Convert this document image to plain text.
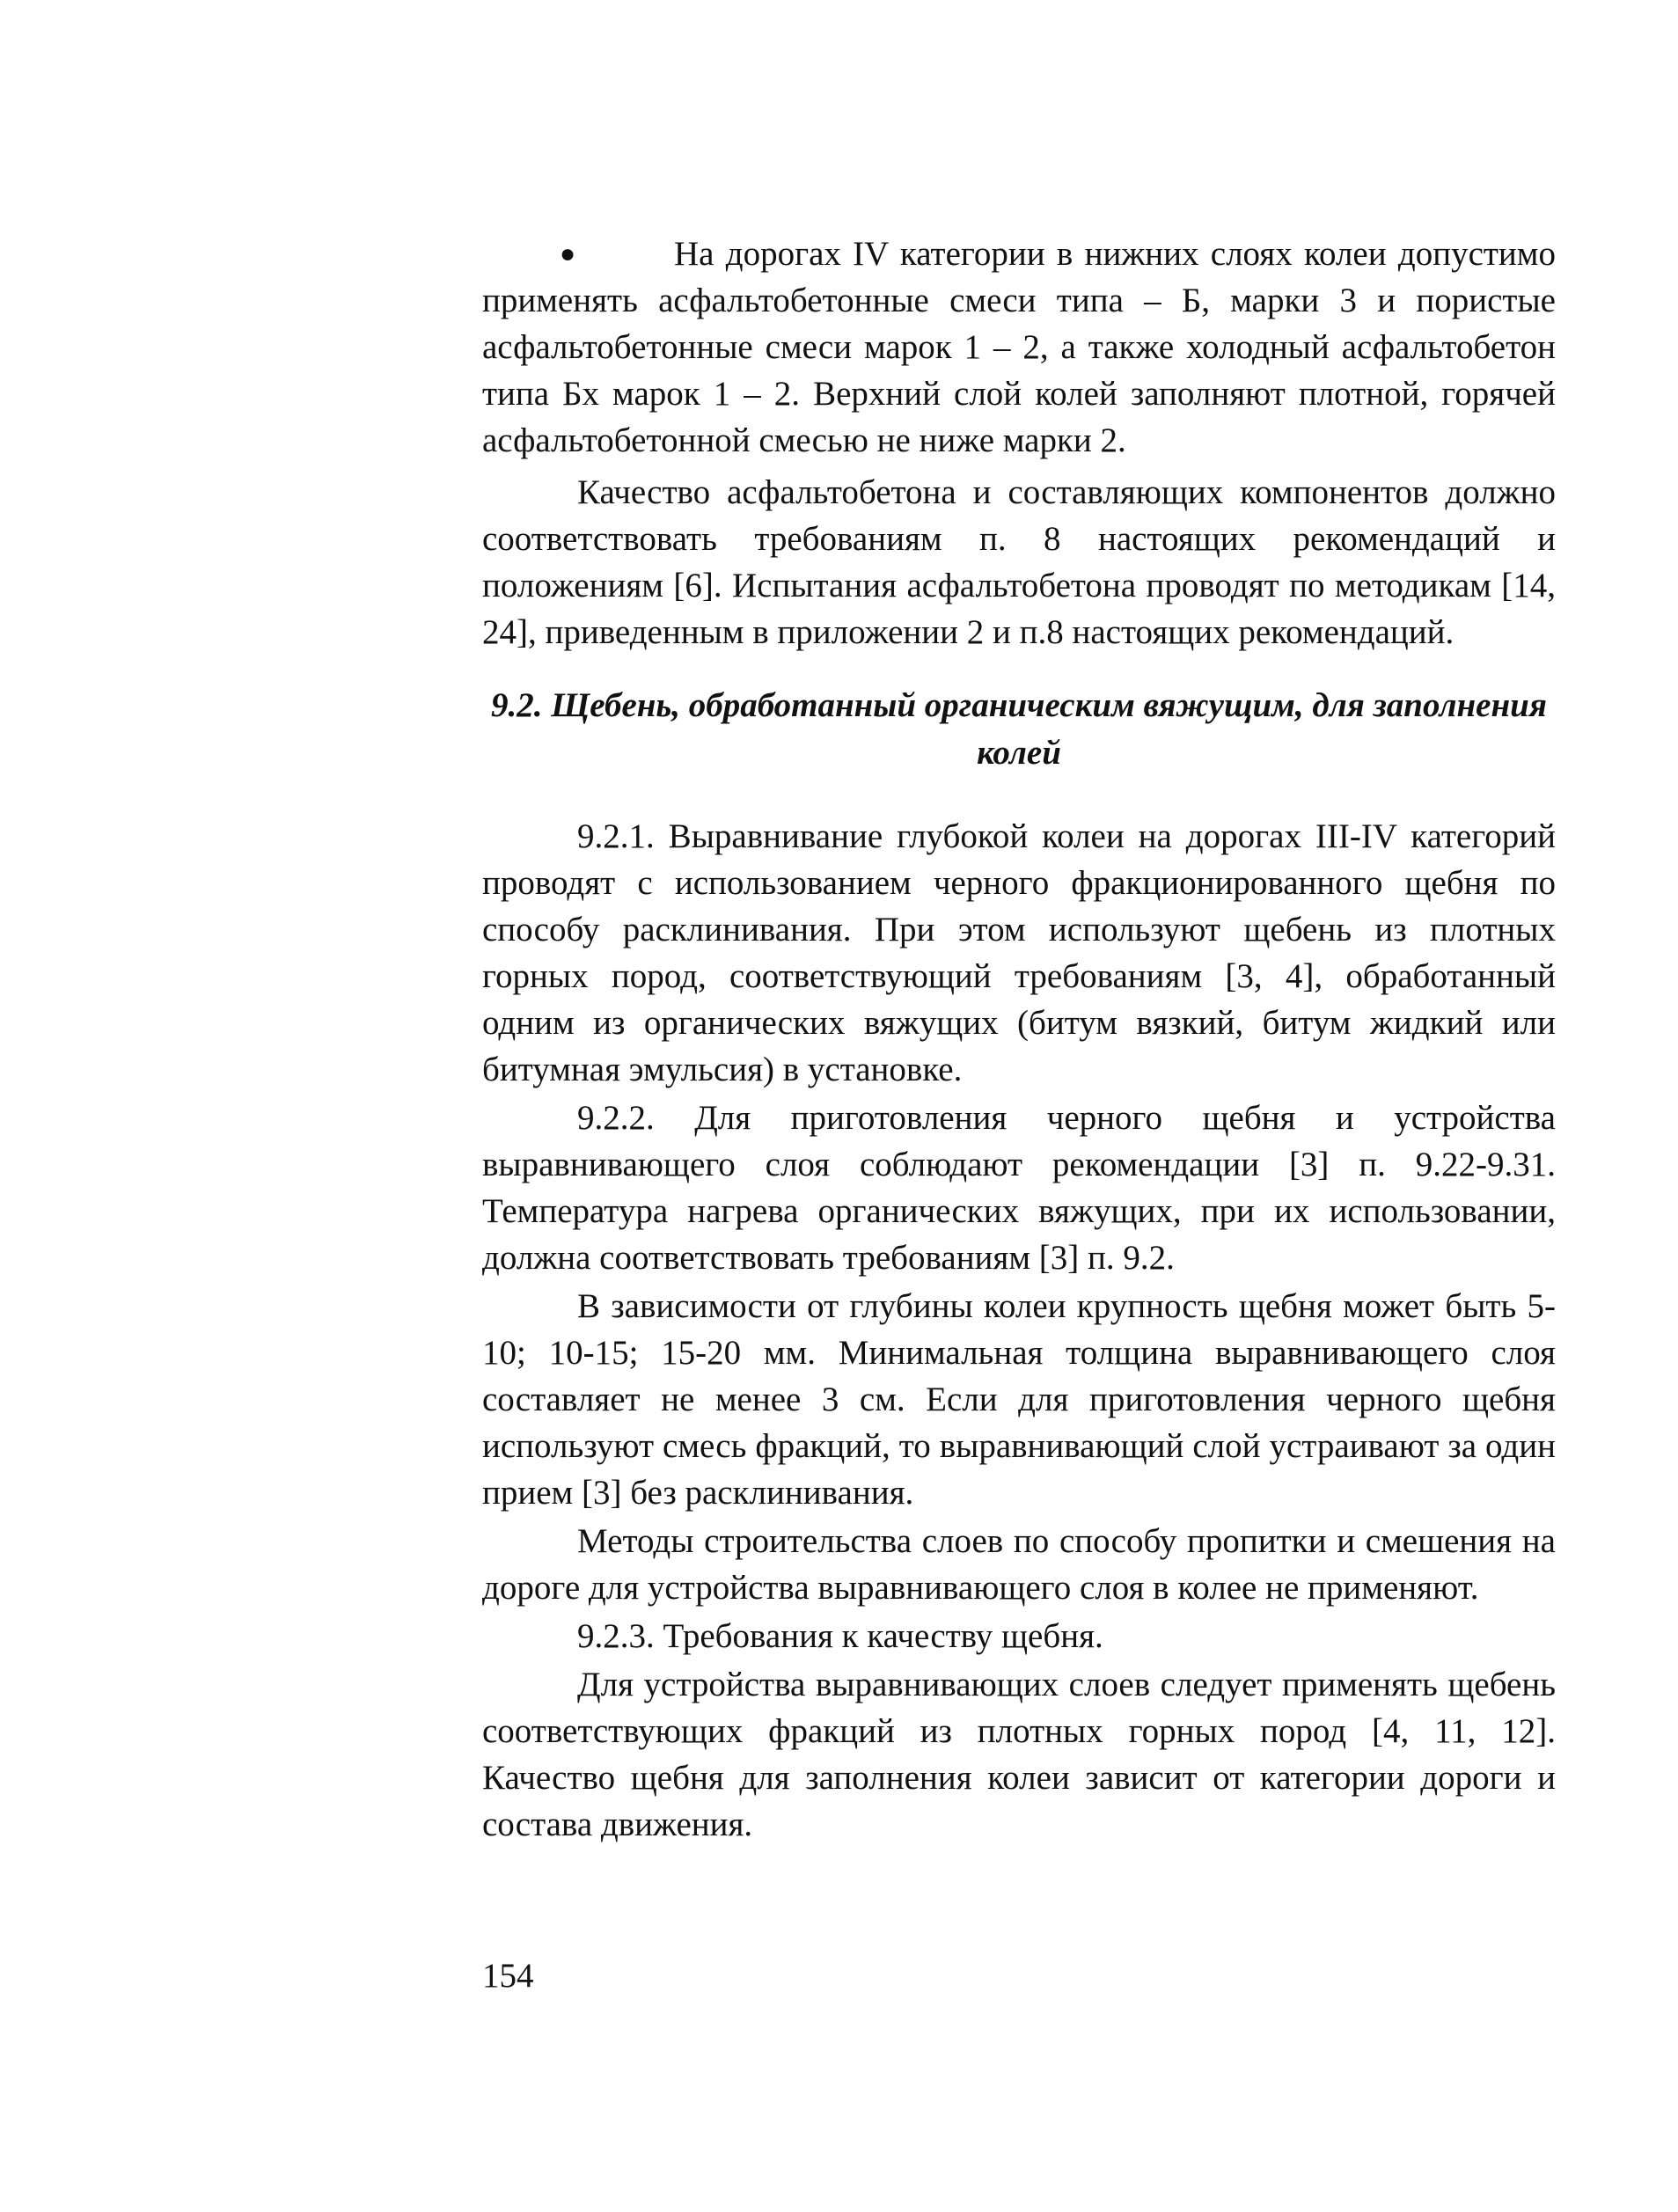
●	На дорогах IV категории в нижних слоях колеи допустимо применять асфальтобетонные смеси типа – Б, марки 3 и пористые асфальтобетонные смеси марок 1 – 2, а также холодный асфальтобетон типа Бх марок 1 – 2. Верхний слой колей заполняют плотной, горячей асфальтобетонной смесью не ниже марки 2.

Качество асфальтобетона и составляющих компонентов должно соответствовать требованиям п. 8 настоящих рекомендаций и положениям [6]. Испытания асфальтобетона проводят по методикам [14, 24], приведенным в приложении 2 и п.8 настоящих рекомендаций.

9.2. Щебень, обработанный органическим вяжущим, для заполнения колей

9.2.1. Выравнивание глубокой колеи на дорогах III-IV категорий проводят с использованием черного фракционированного щебня по способу расклинивания. При этом используют щебень из плотных горных пород, соответствующий требованиям [3, 4], обработанный одним из органических вяжущих (битум вязкий, битум жидкий или битумная эмульсия) в установке.

9.2.2. Для приготовления черного щебня и устройства выравнивающего слоя соблюдают рекомендации [3] п. 9.22-9.31. Температура нагрева органических вяжущих, при их использовании, должна соответствовать требованиям [3] п. 9.2.

В зависимости от глубины колеи крупность щебня может быть 5-10; 10-15; 15-20 мм. Минимальная толщина выравнивающего слоя составляет не менее 3 см. Если для приготовления черного щебня используют смесь фракций, то выравнивающий слой устраивают за один прием [3] без расклинивания.

Методы строительства слоев по способу пропитки и смешения на дороге для устройства выравнивающего слоя в колее не применяют.

9.2.3. Требования к качеству щебня.

Для устройства выравнивающих слоев следует применять щебень соответствующих фракций из плотных горных пород [4, 11, 12]. Качество щебня для заполнения колеи зависит от категории дороги и состава движения.

154
